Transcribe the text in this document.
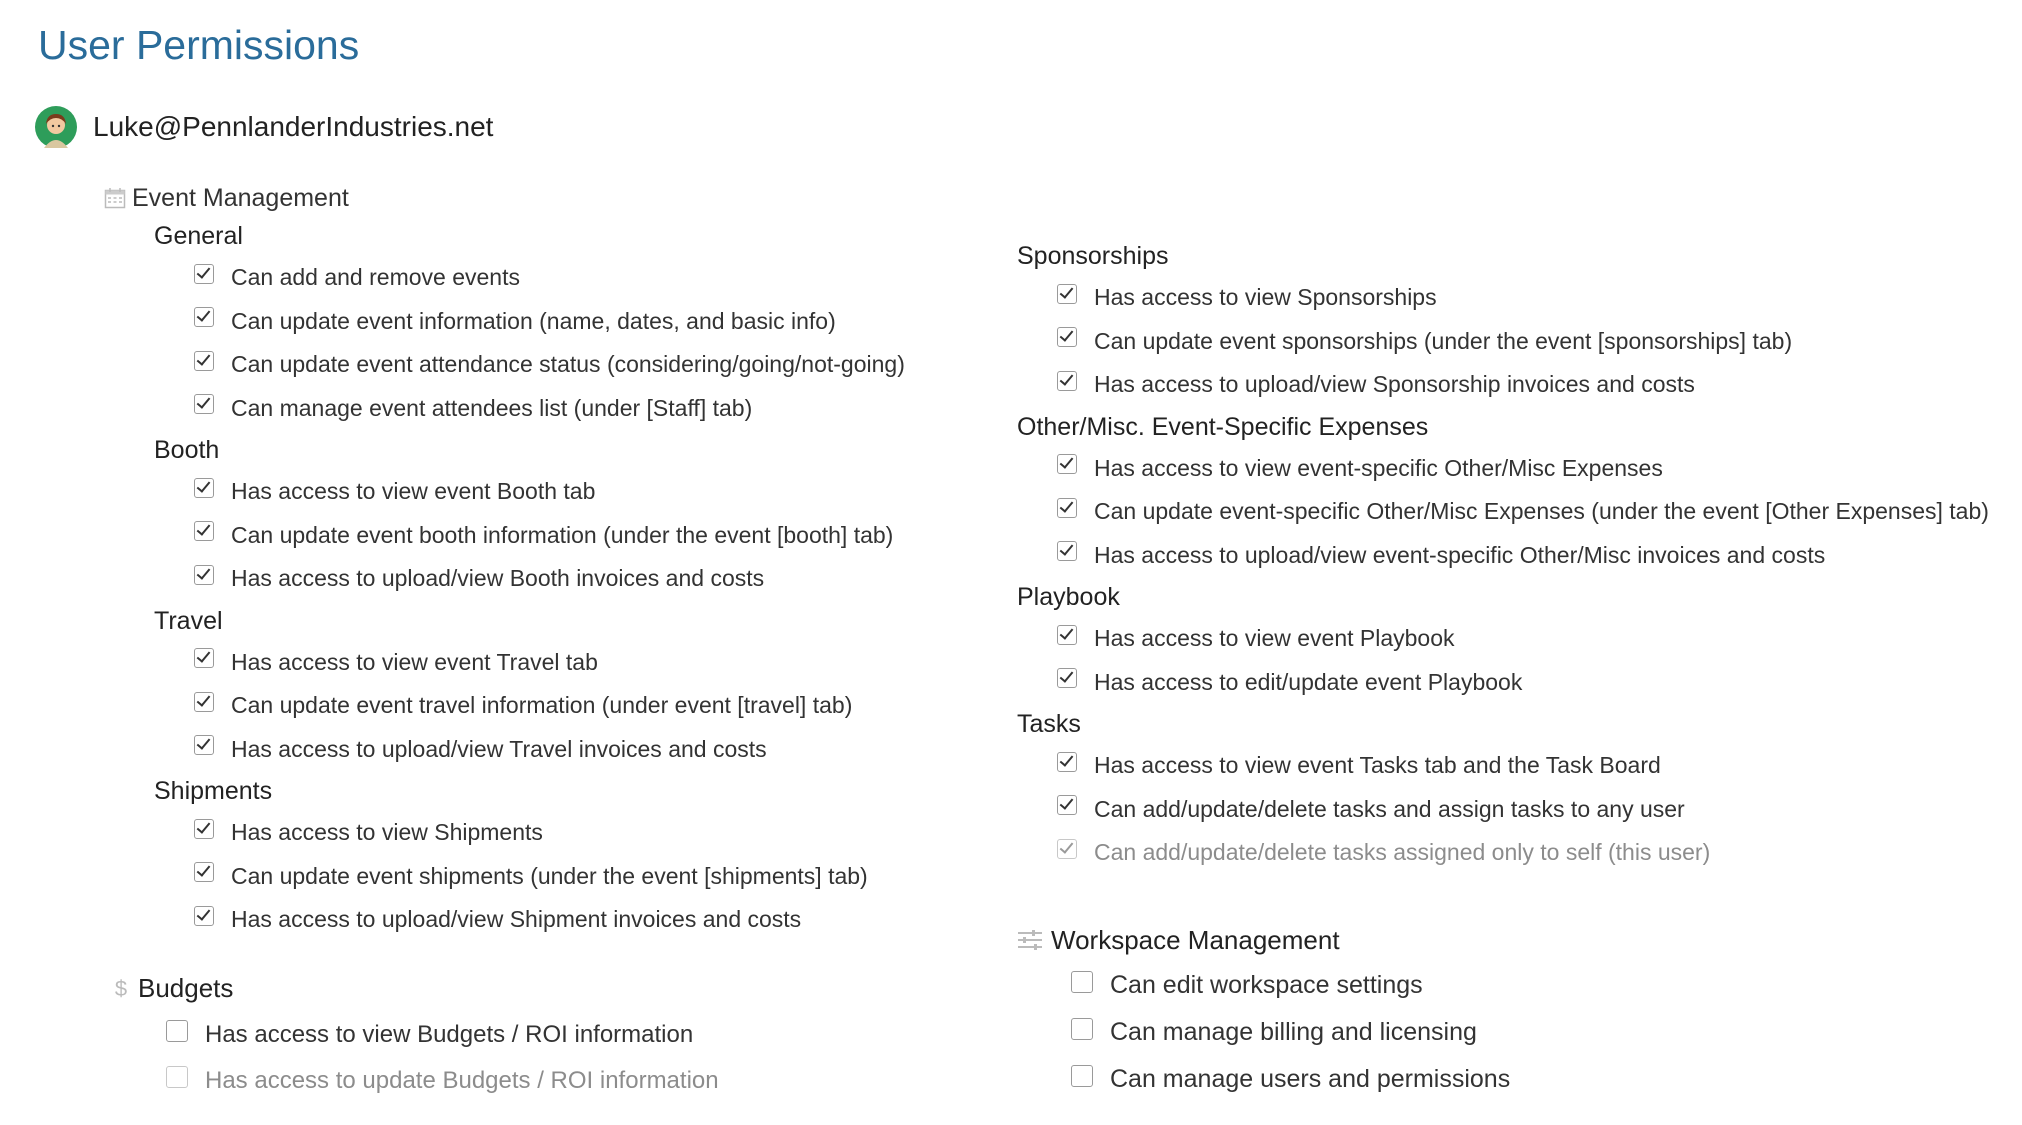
User Permissions
Luke@PennlanderIndustries.net
Event Management
General
Can add and remove events
Can update event information (name, dates, and basic info)
Can update event attendance status (considering/going/not-going)
Can manage event attendees list (under [Staff] tab)
Booth
Has access to view event Booth tab
Can update event booth information (under the event [booth] tab)
Has access to upload/view Booth invoices and costs
Travel
Has access to view event Travel tab
Can update event travel information (under event [travel] tab)
Has access to upload/view Travel invoices and costs
Shipments
Has access to view Shipments
Can update event shipments (under the event [shipments] tab)
Has access to upload/view Shipment invoices and costs
Sponsorships
Has access to view Sponsorships
Can update event sponsorships (under the event [sponsorships] tab)
Has access to upload/view Sponsorship invoices and costs
Other/Misc. Event-Specific Expenses
Has access to view event-specific Other/Misc Expenses
Can update event-specific Other/Misc Expenses (under the event [Other Expenses] tab)
Has access to upload/view event-specific Other/Misc invoices and costs
Playbook
Has access to view event Playbook
Has access to edit/update event Playbook
Tasks
Has access to view event Tasks tab and the Task Board
Can add/update/delete tasks and assign tasks to any user
Can add/update/delete tasks assigned only to self (this user)
$ Budgets
Has access to view Budgets / ROI information
Has access to update Budgets / ROI information
Workspace Management
Can edit workspace settings
Can manage billing and licensing
Can manage users and permissions
